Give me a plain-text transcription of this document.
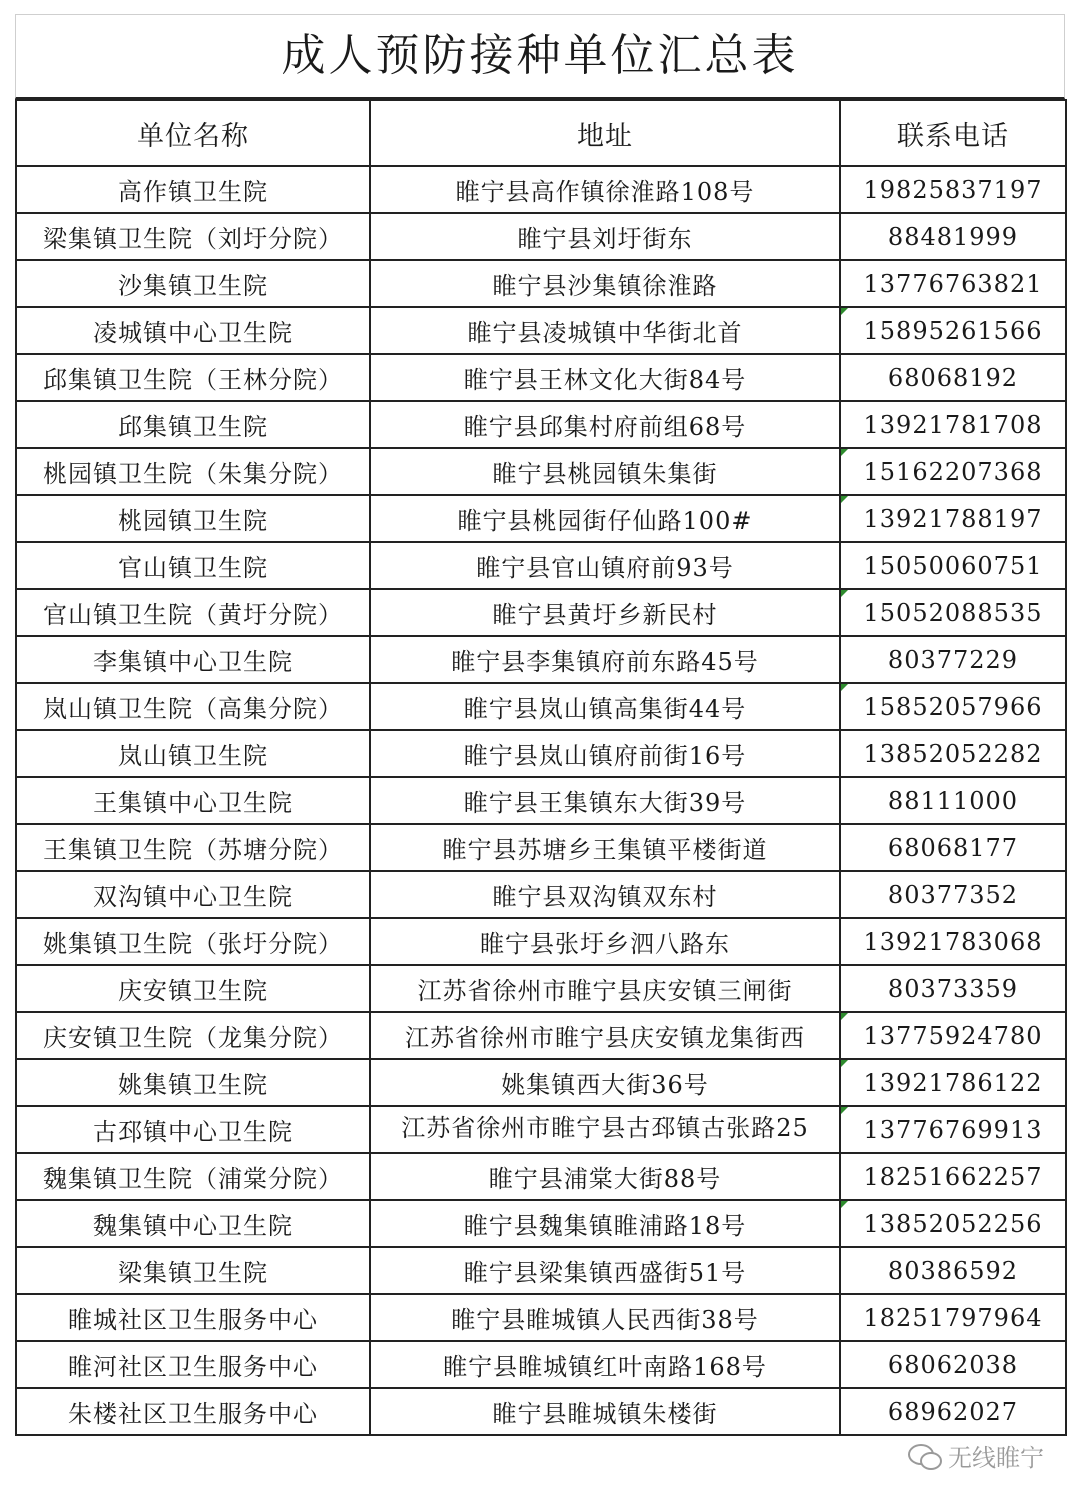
成人预防接种单位汇总表
单位名称	地址	联系电话
高作镇卫生院	睢宁县高作镇徐淮路108号	19825837197
梁集镇卫生院（刘圩分院）	睢宁县刘圩街东	88481999
沙集镇卫生院	睢宁县沙集镇徐淮路	13776763821
凌城镇中心卫生院	睢宁县凌城镇中华街北首	15895261566

邱集镇卫生院（王林分院）	睢宁县王林文化大街84号	68068192
邱集镇卫生院	睢宁县邱集村府前组68号	13921781708
桃园镇卫生院（朱集分院）	睢宁县桃园镇朱集街	15162207368

桃园镇卫生院	睢宁县桃园街仔仙路100#	13921788197

官山镇卫生院	睢宁县官山镇府前93号	15050060751
官山镇卫生院（黄圩分院）	睢宁县黄圩乡新民村	15052088535

李集镇中心卫生院	睢宁县李集镇府前东路45号	80377229
岚山镇卫生院（高集分院）	睢宁县岚山镇高集街44号	15852057966

岚山镇卫生院	睢宁县岚山镇府前街16号	13852052282
王集镇中心卫生院	睢宁县王集镇东大街39号	88111000
王集镇卫生院（苏塘分院）	睢宁县苏塘乡王集镇平楼街道	68068177
双沟镇中心卫生院	睢宁县双沟镇双东村	80377352
姚集镇卫生院（张圩分院）	睢宁县张圩乡泗八路东	13921783068
庆安镇卫生院	江苏省徐州市睢宁县庆安镇三闸街	80373359
庆安镇卫生院（龙集分院）	江苏省徐州市睢宁县庆安镇龙集街西	13775924780

姚集镇卫生院	姚集镇西大街36号	13921786122

古邳镇中心卫生院	江苏省徐州市睢宁县古邳镇古张路25	13776769913

魏集镇卫生院（浦棠分院）	睢宁县浦棠大街88号	18251662257
魏集镇中心卫生院	睢宁县魏集镇睢浦路18号	13852052256

梁集镇卫生院	睢宁县梁集镇西盛街51号	80386592
睢城社区卫生服务中心	睢宁县睢城镇人民西街38号	18251797964
睢河社区卫生服务中心	睢宁县睢城镇红叶南路168号	68062038
朱楼社区卫生服务中心	睢宁县睢城镇朱楼街	68962027
无线睢宁
